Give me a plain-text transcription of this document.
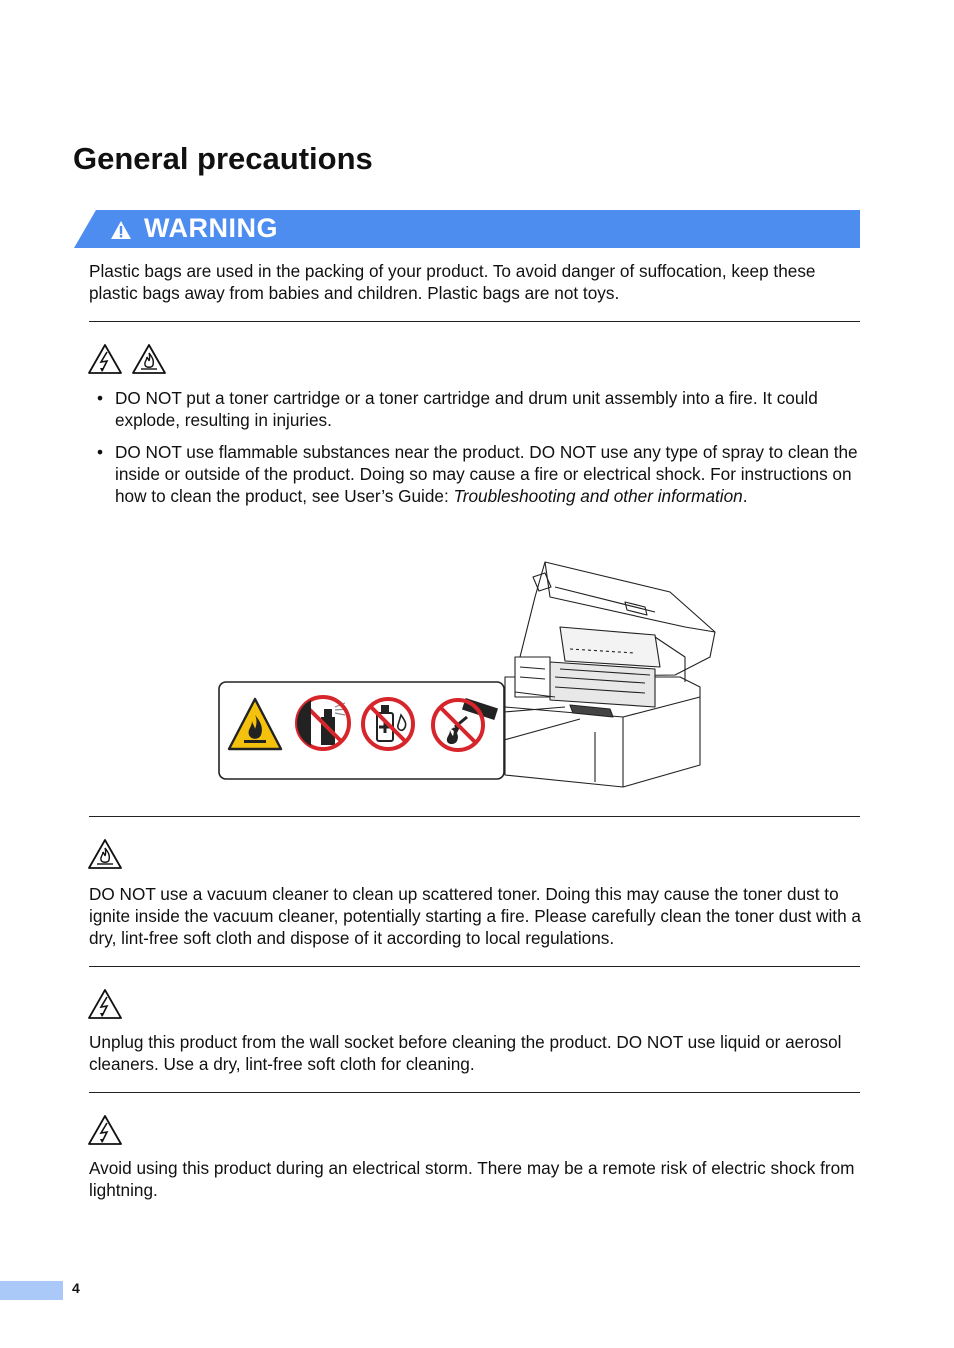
General precautions
WARNING

Plastic bags are used in the packing of your product. To avoid danger of suffocation, keep these plastic bags away from babies and children. Plastic bags are not toys.

• DO NOT put a toner cartridge or a toner cartridge and drum unit assembly into a fire. It could explode, resulting in injuries.
• DO NOT use flammable substances near the product. DO NOT use any type of spray to clean the inside or outside of the product. Doing so may cause a fire or electrical shock. For instructions on how to clean the product, see User’s Guide: Troubleshooting and other information.

DO NOT use a vacuum cleaner to clean up scattered toner. Doing this may cause the toner dust to ignite inside the vacuum cleaner, potentially starting a fire. Please carefully clean the toner dust with a dry, lint-free soft cloth and dispose of it according to local regulations.

Unplug this product from the wall socket before cleaning the product. DO NOT use liquid or aerosol cleaners. Use a dry, lint-free soft cloth for cleaning.

Avoid using this product during an electrical storm. There may be a remote risk of electric shock from lightning.

4
